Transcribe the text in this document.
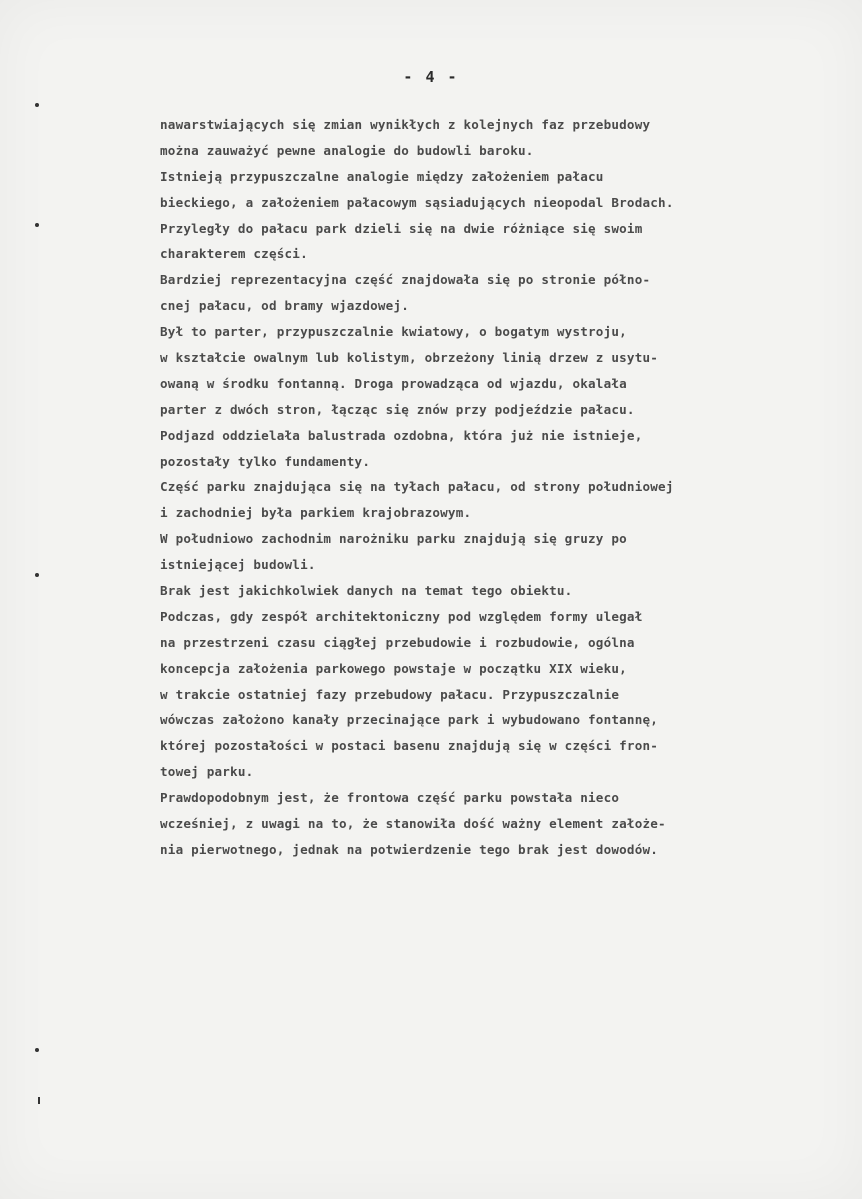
- 4 -
nawarstwiających się zmian wynikłych z kolejnych faz przebudowy
można zauważyć pewne analogie do budowli baroku.
Istnieją przypuszczalne analogie między założeniem pałacu
bieckiego, a założeniem pałacowym sąsiadujących nieopodal Brodach.
Przyległy do pałacu park dzieli się na dwie różniące się swoim
charakterem części.
Bardziej reprezentacyjna część znajdowała się po stronie półno-
cnej pałacu, od bramy wjazdowej.
Był to parter, przypuszczalnie kwiatowy, o bogatym wystroju,
w kształcie owalnym lub kolistym, obrzeżony linią drzew z usytu-
owaną w środku fontanną. Droga prowadząca od wjazdu, okalała
parter z dwóch stron, łącząc się znów przy podjeździe pałacu.
Podjazd oddzielała balustrada ozdobna, która już nie istnieje,
pozostały tylko fundamenty.
Część parku znajdująca się na tyłach pałacu, od strony południowej
i zachodniej była parkiem krajobrazowym.
W południowo zachodnim narożniku parku znajdują się gruzy po
istniejącej budowli.
Brak jest jakichkolwiek danych na temat tego obiektu.
Podczas, gdy zespół architektoniczny pod względem formy ulegał
na przestrzeni czasu ciągłej przebudowie i rozbudowie, ogólna
koncepcja założenia parkowego powstaje w początku XIX wieku,
w trakcie ostatniej fazy przebudowy pałacu. Przypuszczalnie
wówczas założono kanały przecinające park i wybudowano fontannę,
której pozostałości w postaci basenu znajdują się w części fron-
towej parku.
Prawdopodobnym jest, że frontowa część parku powstała nieco
wcześniej, z uwagi na to, że stanowiła dość ważny element założe-
nia pierwotnego, jednak na potwierdzenie tego brak jest dowodów.
